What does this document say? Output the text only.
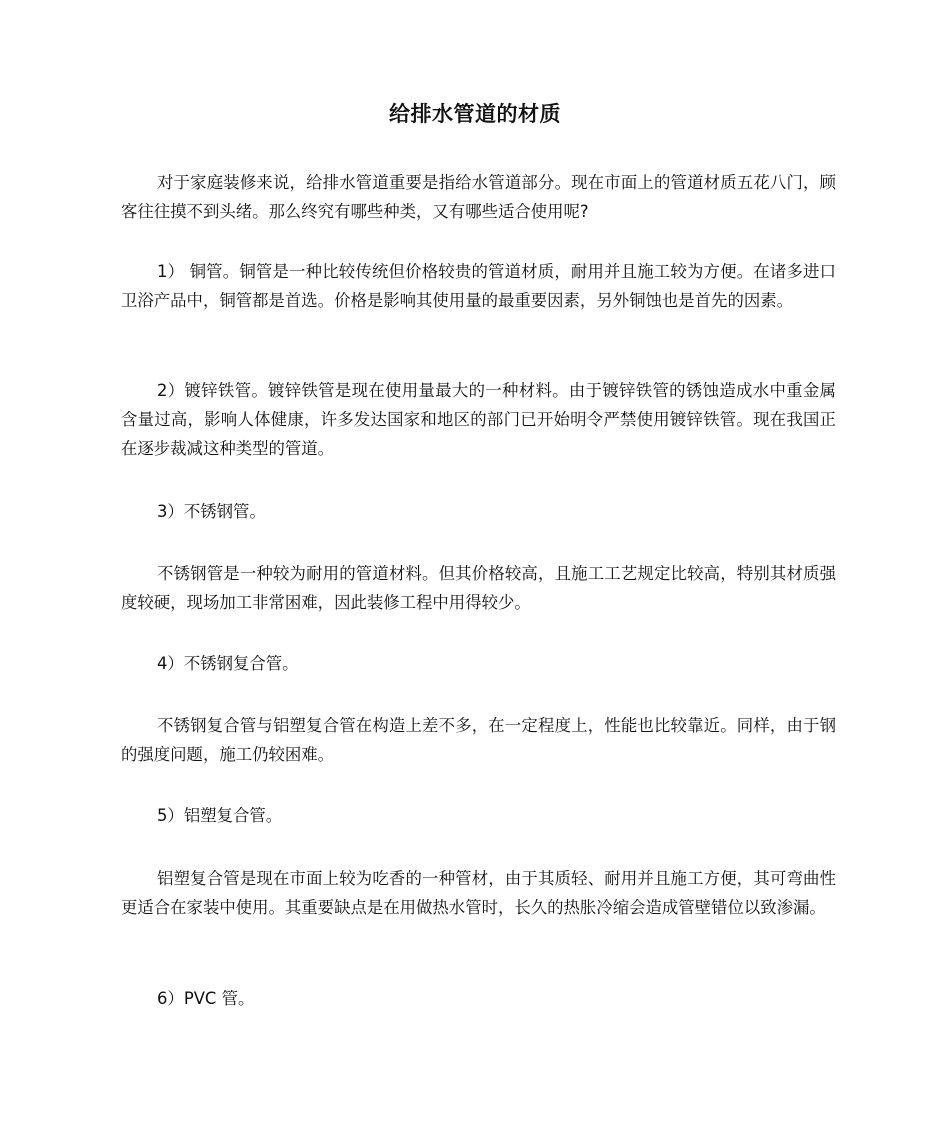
给排水管道的材质

对于家庭装修来说，给排水管道重要是指给水管道部分。现在市面上的管道材质五花八门，顾客往往摸不到头绪。那么终究有哪些种类，又有哪些适合使用呢?

1） 铜管。铜管是一种比较传统但价格较贵的管道材质，耐用并且施工较为方便。在诸多进口卫浴产品中，铜管都是首选。价格是影响其使用量的最重要因素，另外铜蚀也是首先的因素。

2）镀锌铁管。镀锌铁管是现在使用量最大的一种材料。由于镀锌铁管的锈蚀造成水中重金属含量过高，影响人体健康，许多发达国家和地区的部门已开始明令严禁使用镀锌铁管。现在我国正在逐步裁减这种类型的管道。

3）不锈钢管。

不锈钢管是一种较为耐用的管道材料。但其价格较高，且施工工艺规定比较高，特别其材质强度较硬，现场加工非常困难，因此装修工程中用得较少。

4）不锈钢复合管。

不锈钢复合管与铝塑复合管在构造上差不多，在一定程度上，性能也比较靠近。同样，由于钢的强度问题，施工仍较困难。

5）铝塑复合管。

铝塑复合管是现在市面上较为吃香的一种管材，由于其质轻、耐用并且施工方便，其可弯曲性更适合在家装中使用。其重要缺点是在用做热水管时，长久的热胀冷缩会造成管壁错位以致渗漏。

6）PVC 管。
